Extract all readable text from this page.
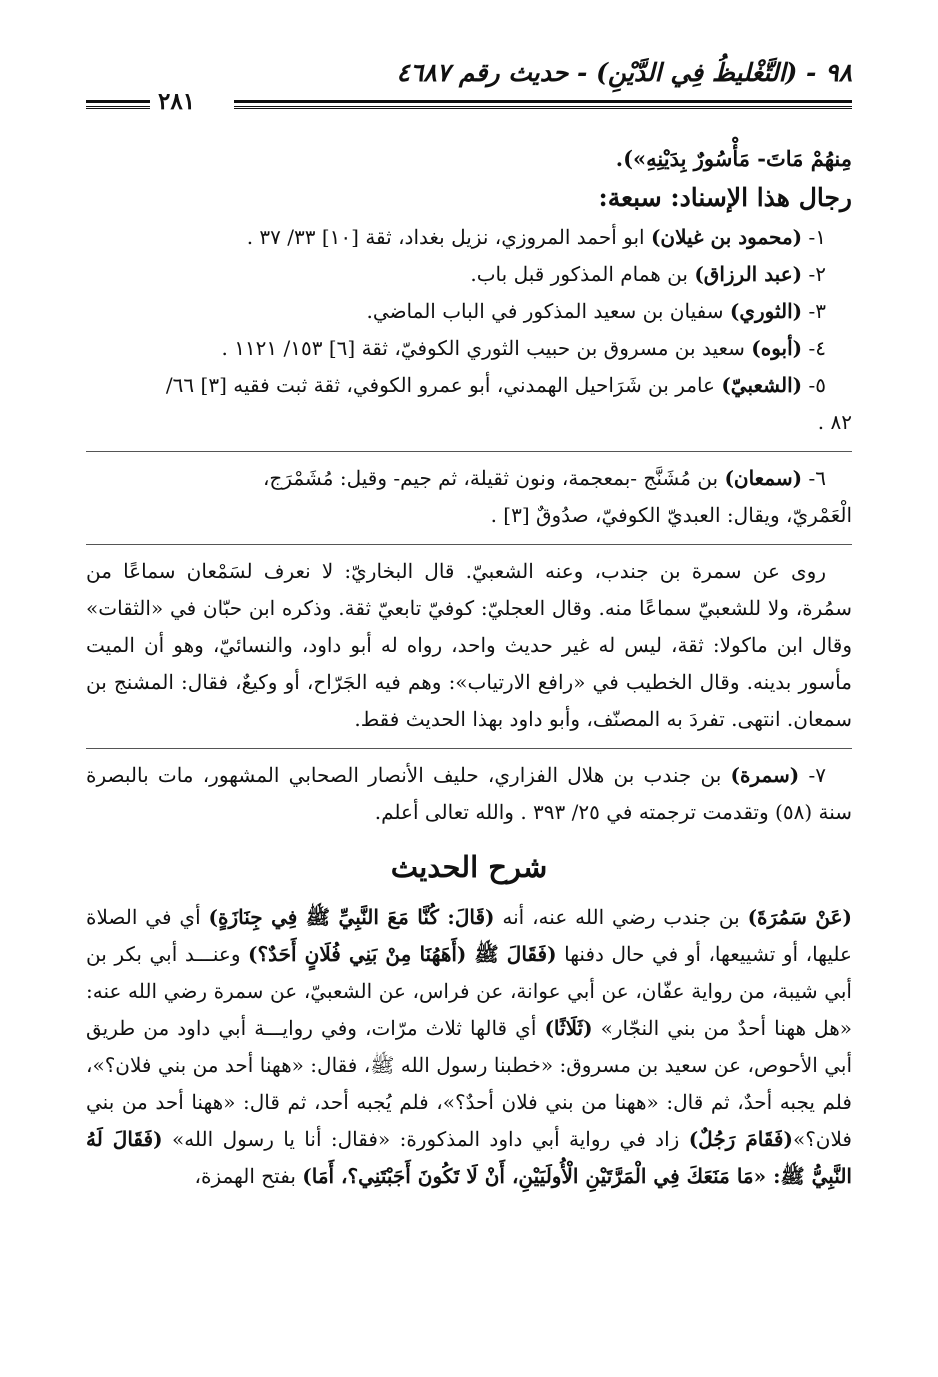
٩٨ - (التَّغْليظُ فِي الدَّيْنِ) - حديث رقم ٤٦٨٧
٢٨١

مِنهُمْ مَاتَ- مَأْسُورٌ بِدَيْنِهِ»).

رجال هذا الإسناد: سبعة:

١- (محمود بن غيلان) ابو أحمد المروزي، نزيل بغداد، ثقة [١٠] ٣٣/ ٣٧ .

٢- (عبد الرزاق) بن همام المذكور قبل باب.

٣- (الثوري) سفيان بن سعيد المذكور في الباب الماضي.

٤- (أبوه) سعيد بن مسروق بن حبيب الثوري الكوفيّ، ثقة [٦] ١٥٣/ ١١٢١ .

٥- (الشعبيّ) عامر بن شَرَاحيل الهمدني، أبو عمرو الكوفي، ثقة ثبت فقيه [٣] ٦٦/

٨٢ .

٦- (سمعان) بن مُشَنَّج -بمعجمة، ونون ثقيلة، ثم جيم- وقيل: مُشَمْرَج،

الْعَمْريّ، ويقال: العبديّ الكوفيّ، صدُوقٌ [٣] .

روى عن سمرة بن جندب، وعنه الشعبيّ. قال البخاريّ: لا نعرف لسَمْعان سماعًا من سمُرة، ولا للشعبيّ سماعًا منه. وقال العجليّ: كوفيّ تابعيّ ثقة. وذكره ابن حبّان في «الثقات» وقال ابن ماكولا: ثقة، ليس له غير حديث واحد، رواه له أبو داود، والنسائيّ، وهو أن الميت مأسور بدينه. وقال الخطيب في «رافع الارتياب»: وهم فيه الجَرّاح، أو وكيعٌ، فقال: المشنج بن سمعان. انتهى. تفردَ به المصنّف، وأبو داود بهذا الحديث فقط.

٧- (سمرة) بن جندب بن هلال الفزاري، حليف الأنصار الصحابي المشهور، مات بالبصرة سنة (٥٨) وتقدمت ترجمته في ٢٥/ ٣٩٣ . والله تعالى أعلم.

شرح الحديث

(عَنْ سَمُرَةَ) بن جندب رضي الله عنه، أنه (قَالَ: كُنَّا مَعَ النَّبِيِّ ﷺ فِي جِنَازَةٍ) أي في الصلاة عليها، أو تشييعها، أو في حال دفنها (فَقَالَ ﷺ (أَهَهُنَا مِنْ بَنِي فُلَانٍ أَحَدٌ؟) وعنـــد أبي بكر بن أبي شيبة، من رواية عفّان، عن أبي عوانة، عن فراس، عن الشعبيّ، عن سمرة رضي الله عنه: «هل ههنا أحدٌ من بني النجّار» (ثَلَاثًا) أي قالها ثلاث مرّات، وفي روايـــة أبي داود من طريق أبي الأحوص، عن سعيد بن مسروق: «خطبنا رسول الله ﷺ، فقال: «ههنا أحد من بني فلان؟»، فلم يجبه أحدٌ، ثم قال: «ههنا من بني فلان أحدٌ؟»، فلم يُجبه أحد، ثم قال: «ههنا أحد من بني فلان؟»(فَقَامَ رَجُلٌ) زاد في رواية أبي داود المذكورة: «فقال: أنا يا رسول الله» (فَقَالَ لَهُ النَّبِيُّ ﷺ: «مَا مَنَعَكَ فِي الْمَرَّتَيْنِ الْأُولَيَيْنِ، أَنْ لَا تَكُونَ أَجَبْتَنِي؟، أَمَا) بفتح الهمزة،
